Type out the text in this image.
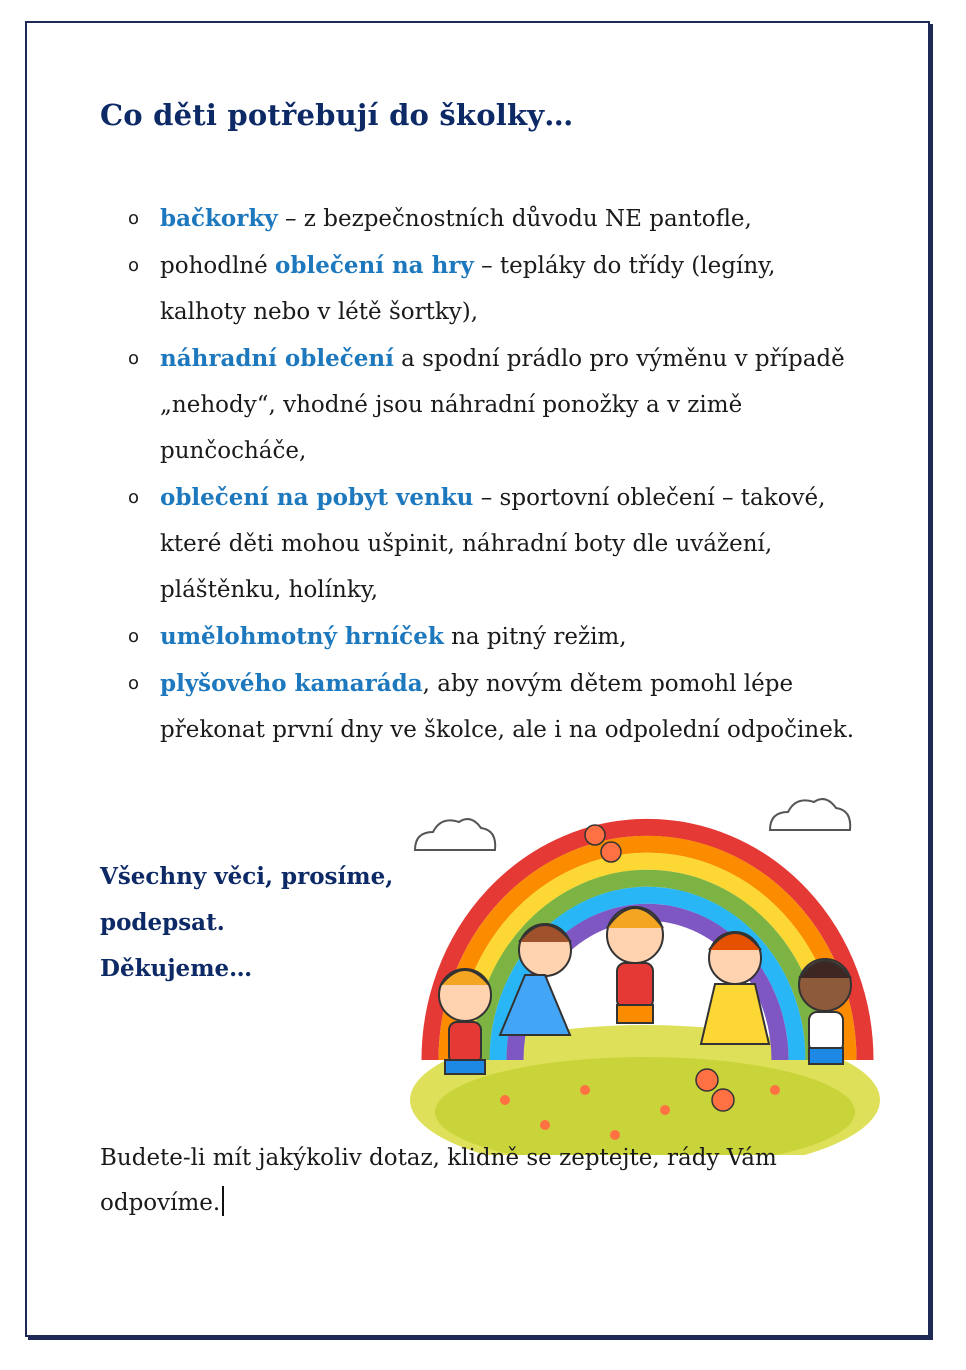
Co děti potřebují do školky…
o bačkorky – z bezpečnostních důvodu NE pantofle,
o pohodlné oblečení na hry – tepláky do třídy (legíny, kalhoty nebo v létě šortky),
o náhradní oblečení a spodní prádlo pro výměnu v případě „nehody“, vhodné jsou náhradní ponožky a v zimě punčocháče,
o oblečení na pobyt venku – sportovní oblečení – takové, které děti mohou ušpinit, náhradní boty dle uvážení, pláštěnku, holínky,
o umělohmotný hrníček na pitný režim,
o plyšového kamaráda, aby novým dětem pomohl lépe překonat první dny ve školce, ale i na odpolední odpočinek.
Všechny věci, prosíme,
podepsat.
Děkujeme…

Budete-li mít jakýkoliv dotaz, klidně se zeptejte, rády Vám odpovíme.
